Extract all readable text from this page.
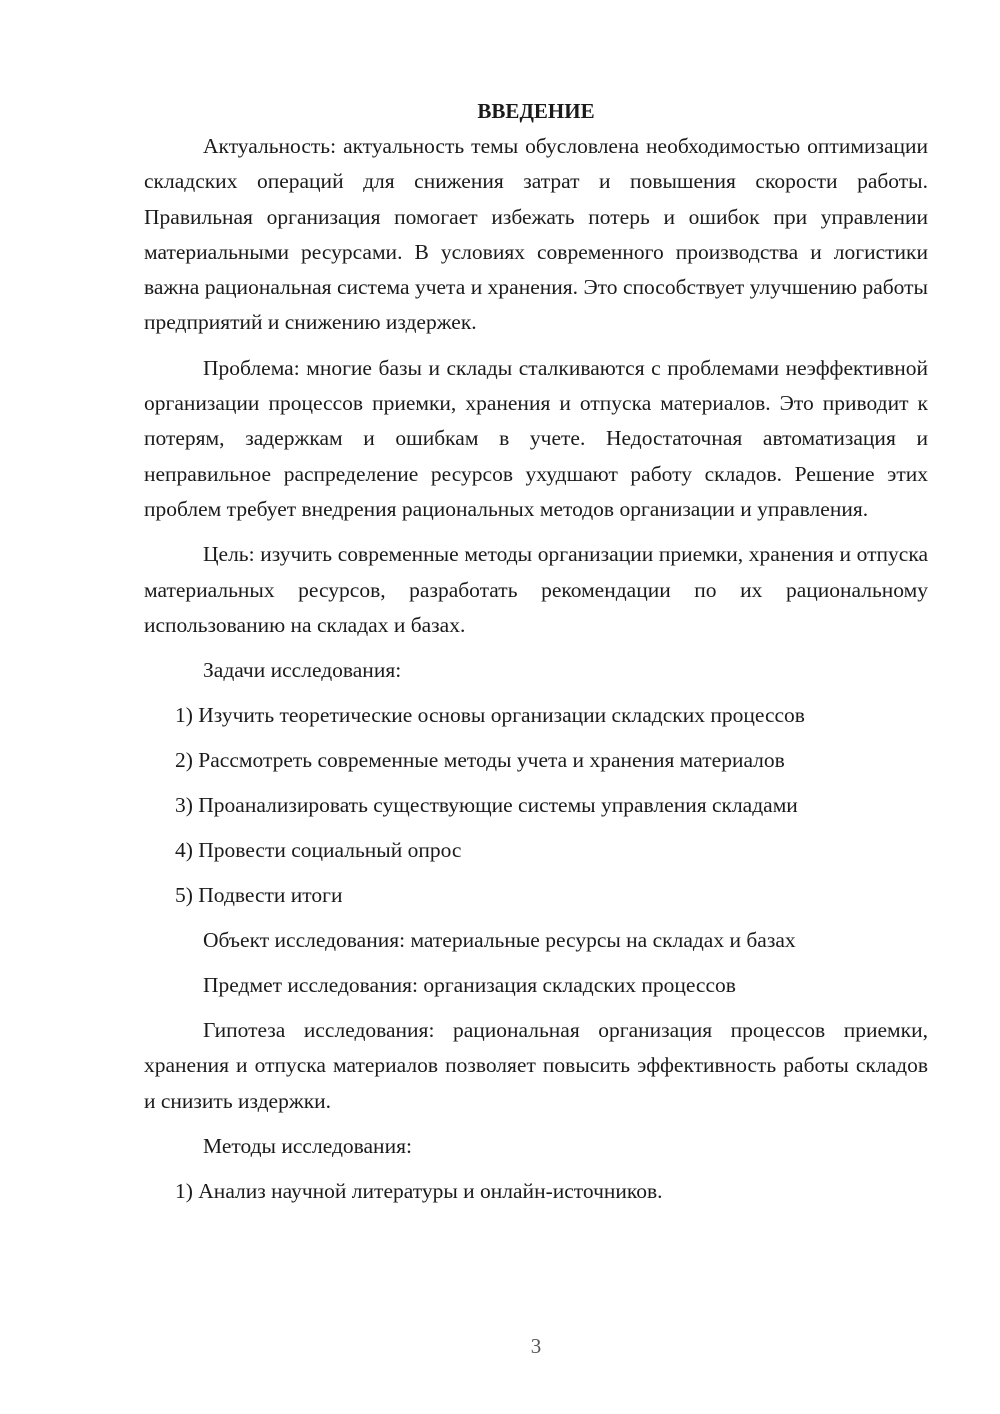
ВВЕДЕНИЕ

Актуальность: актуальность темы обусловлена необходимостью оптимизации складских операций для снижения затрат и повышения скорости работы. Правильная организация помогает избежать потерь и ошибок при управлении материальными ресурсами. В условиях современного производства и логистики важна рациональная система учета и хранения. Это способствует улучшению работы предприятий и снижению издержек.

Проблема: многие базы и склады сталкиваются с проблемами неэффективной организации процессов приемки, хранения и отпуска материалов. Это приводит к потерям, задержкам и ошибкам в учете. Недостаточная автоматизация и неправильное распределение ресурсов ухудшают работу складов. Решение этих проблем требует внедрения рациональных методов организации и управления.

Цель: изучить современные методы организации приемки, хранения и отпуска материальных ресурсов, разработать рекомендации по их рациональному использованию на складах и базах.

Задачи исследования:

1) Изучить теоретические основы организации складских процессов

2) Рассмотреть современные методы учета и хранения материалов

3) Проанализировать существующие системы управления складами

4) Провести социальный опрос

5) Подвести итоги

Объект исследования: материальные ресурсы на складах и базах

Предмет исследования: организация складских процессов

Гипотеза исследования: рациональная организация процессов приемки, хранения и отпуска материалов позволяет повысить эффективность работы складов и снизить издержки.

Методы исследования:

1) Анализ научной литературы и онлайн-источников.

3
